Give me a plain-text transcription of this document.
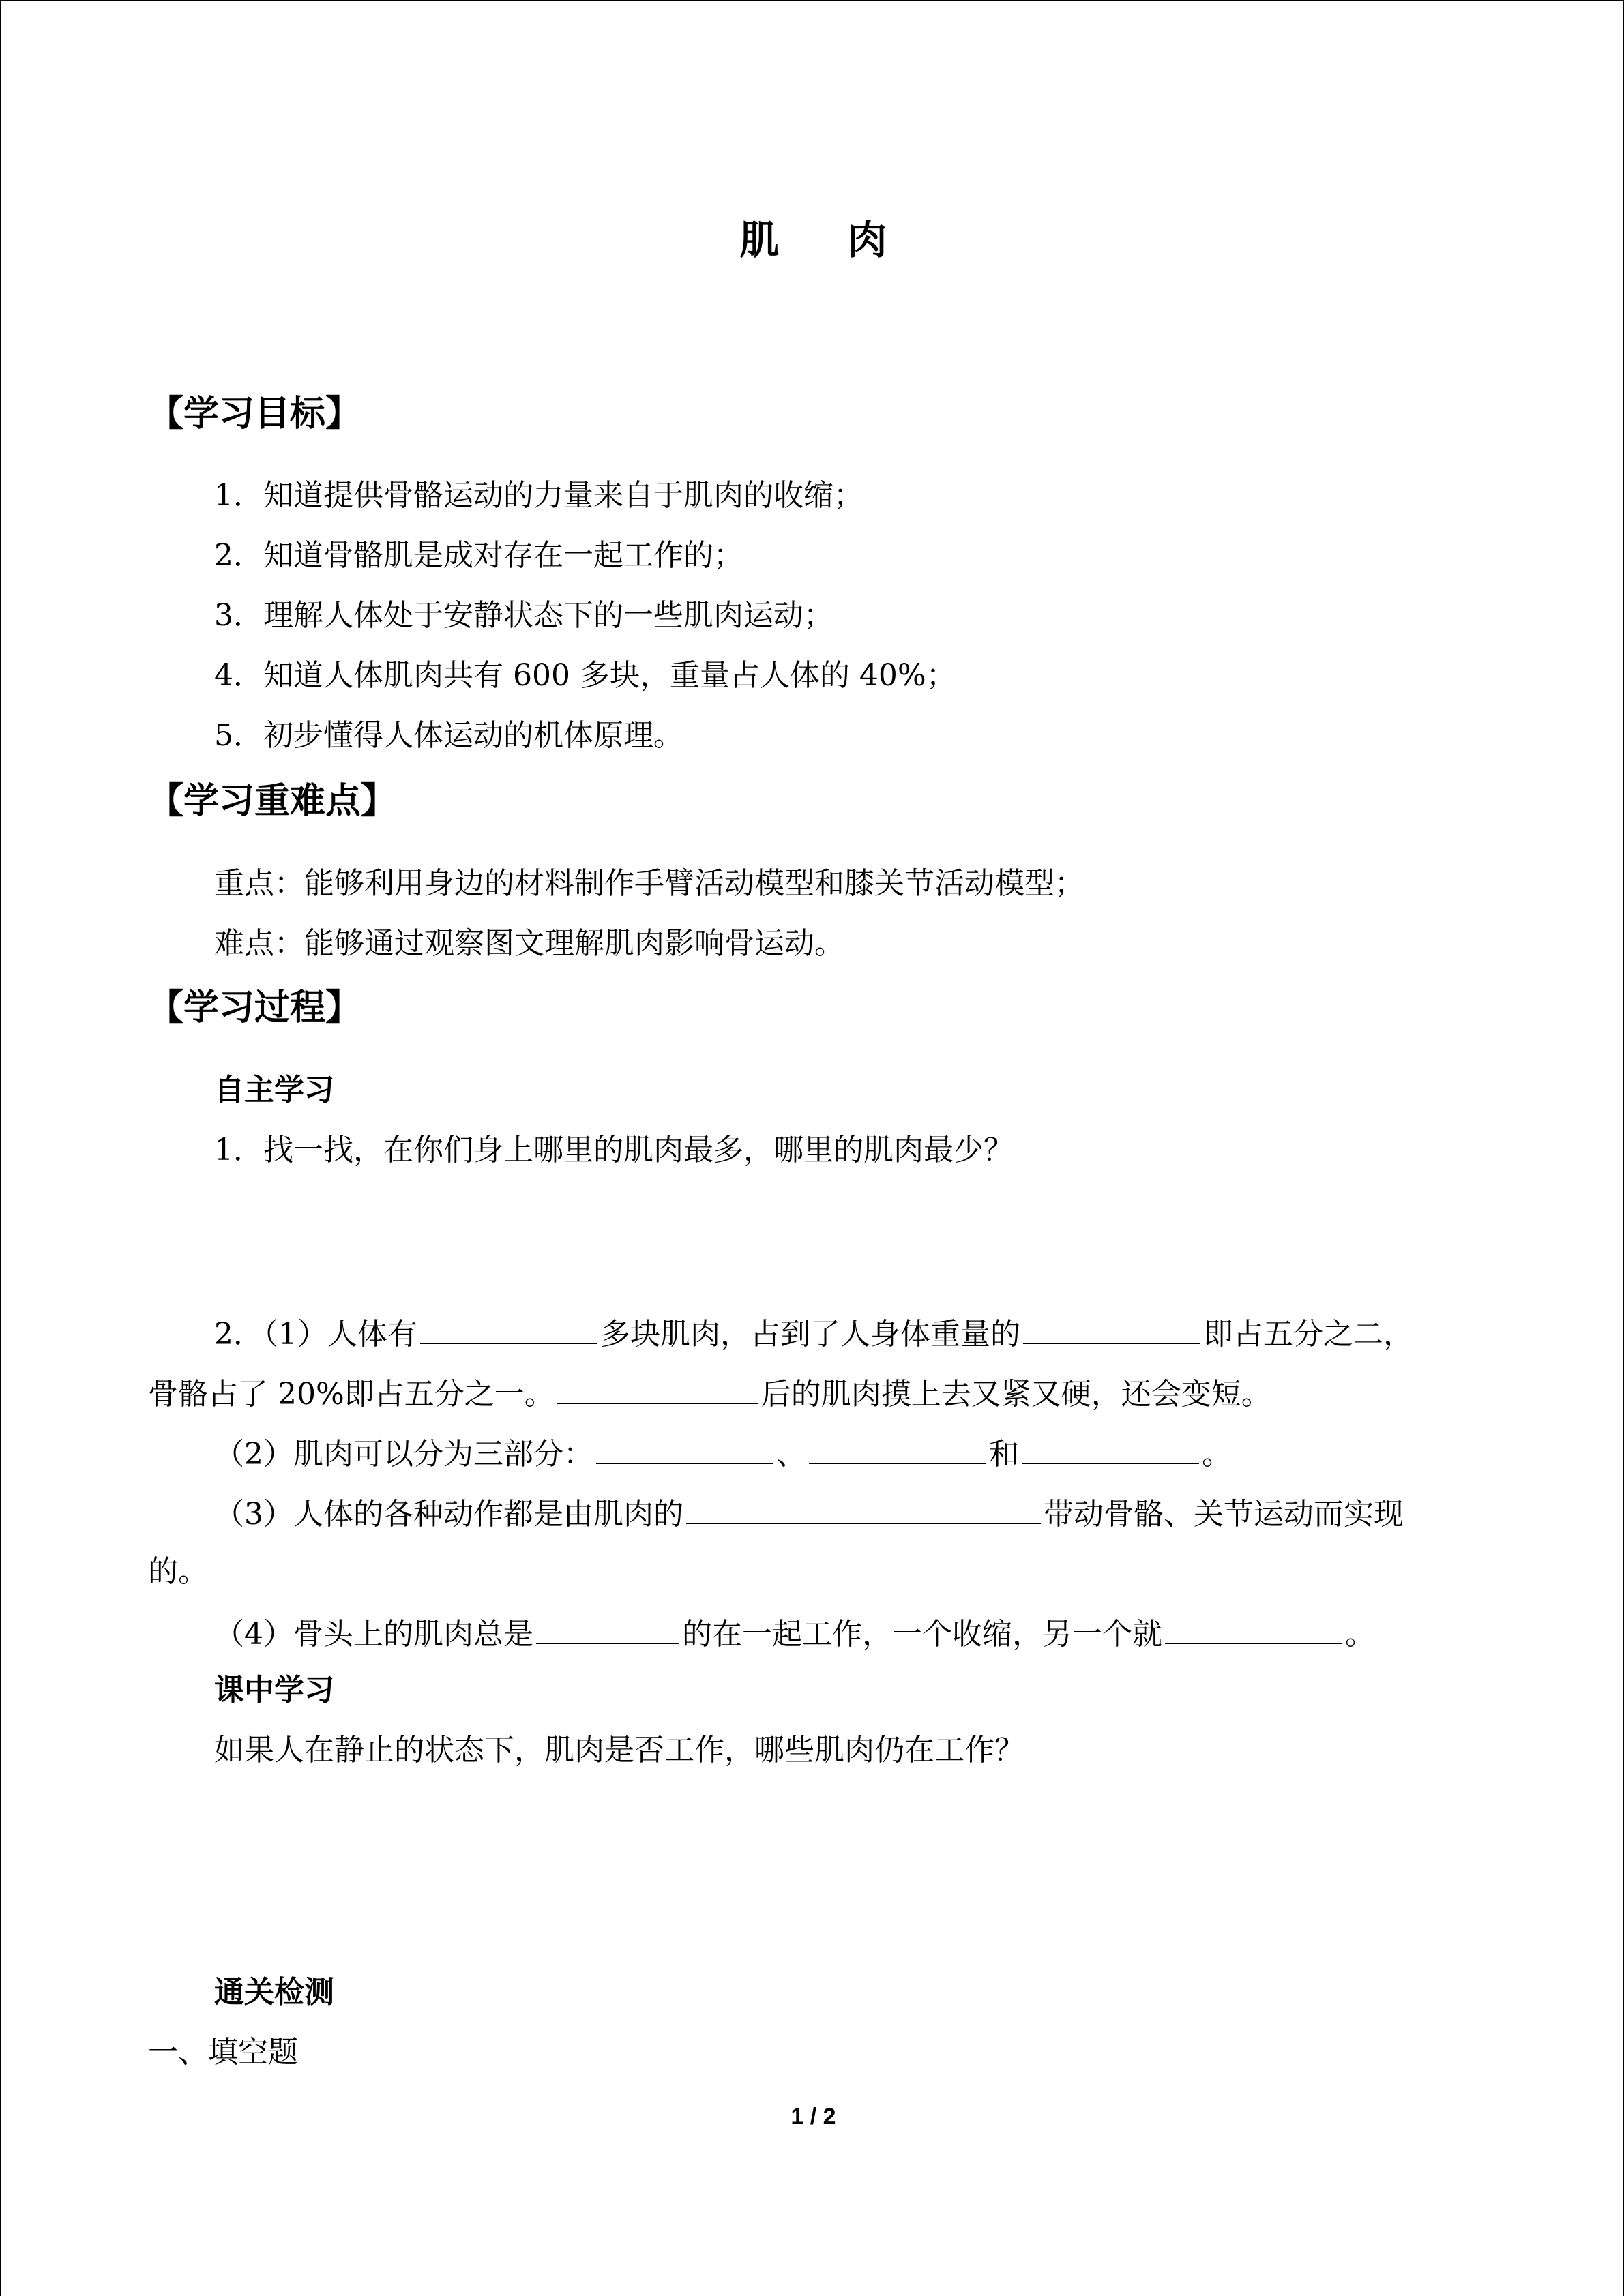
肌 肉
【学习目标】
1．知道提供骨骼运动的力量来自于肌肉的收缩；
2．知道骨骼肌是成对存在一起工作的；
3．理解人体处于安静状态下的一些肌肉运动；
4．知道人体肌肉共有 600 多块，重量占人体的 40%；
5．初步懂得人体运动的机体原理。
【学习重难点】
重点：能够利用身边的材料制作手臂活动模型和膝关节活动模型；
难点：能够通过观察图文理解肌肉影响骨运动。
【学习过程】
自主学习
1．找一找，在你们身上哪里的肌肉最多，哪里的肌肉最少？
2．（1）人体有	多块肌肉，占到了人身体重量的	即占五分之二，
骨骼占了 20%即占五分之一。	后的肌肉摸上去又紧又硬，还会变短。
（2）肌肉可以分为三部分：	、	和	。
（3）人体的各种动作都是由肌肉的	带动骨骼、关节运动而实现
的。
（4）骨头上的肌肉总是	的在一起工作，一个收缩，另一个就	。
课中学习
如果人在静止的状态下，肌肉是否工作，哪些肌肉仍在工作？
通关检测
一、填空题
1 / 2
